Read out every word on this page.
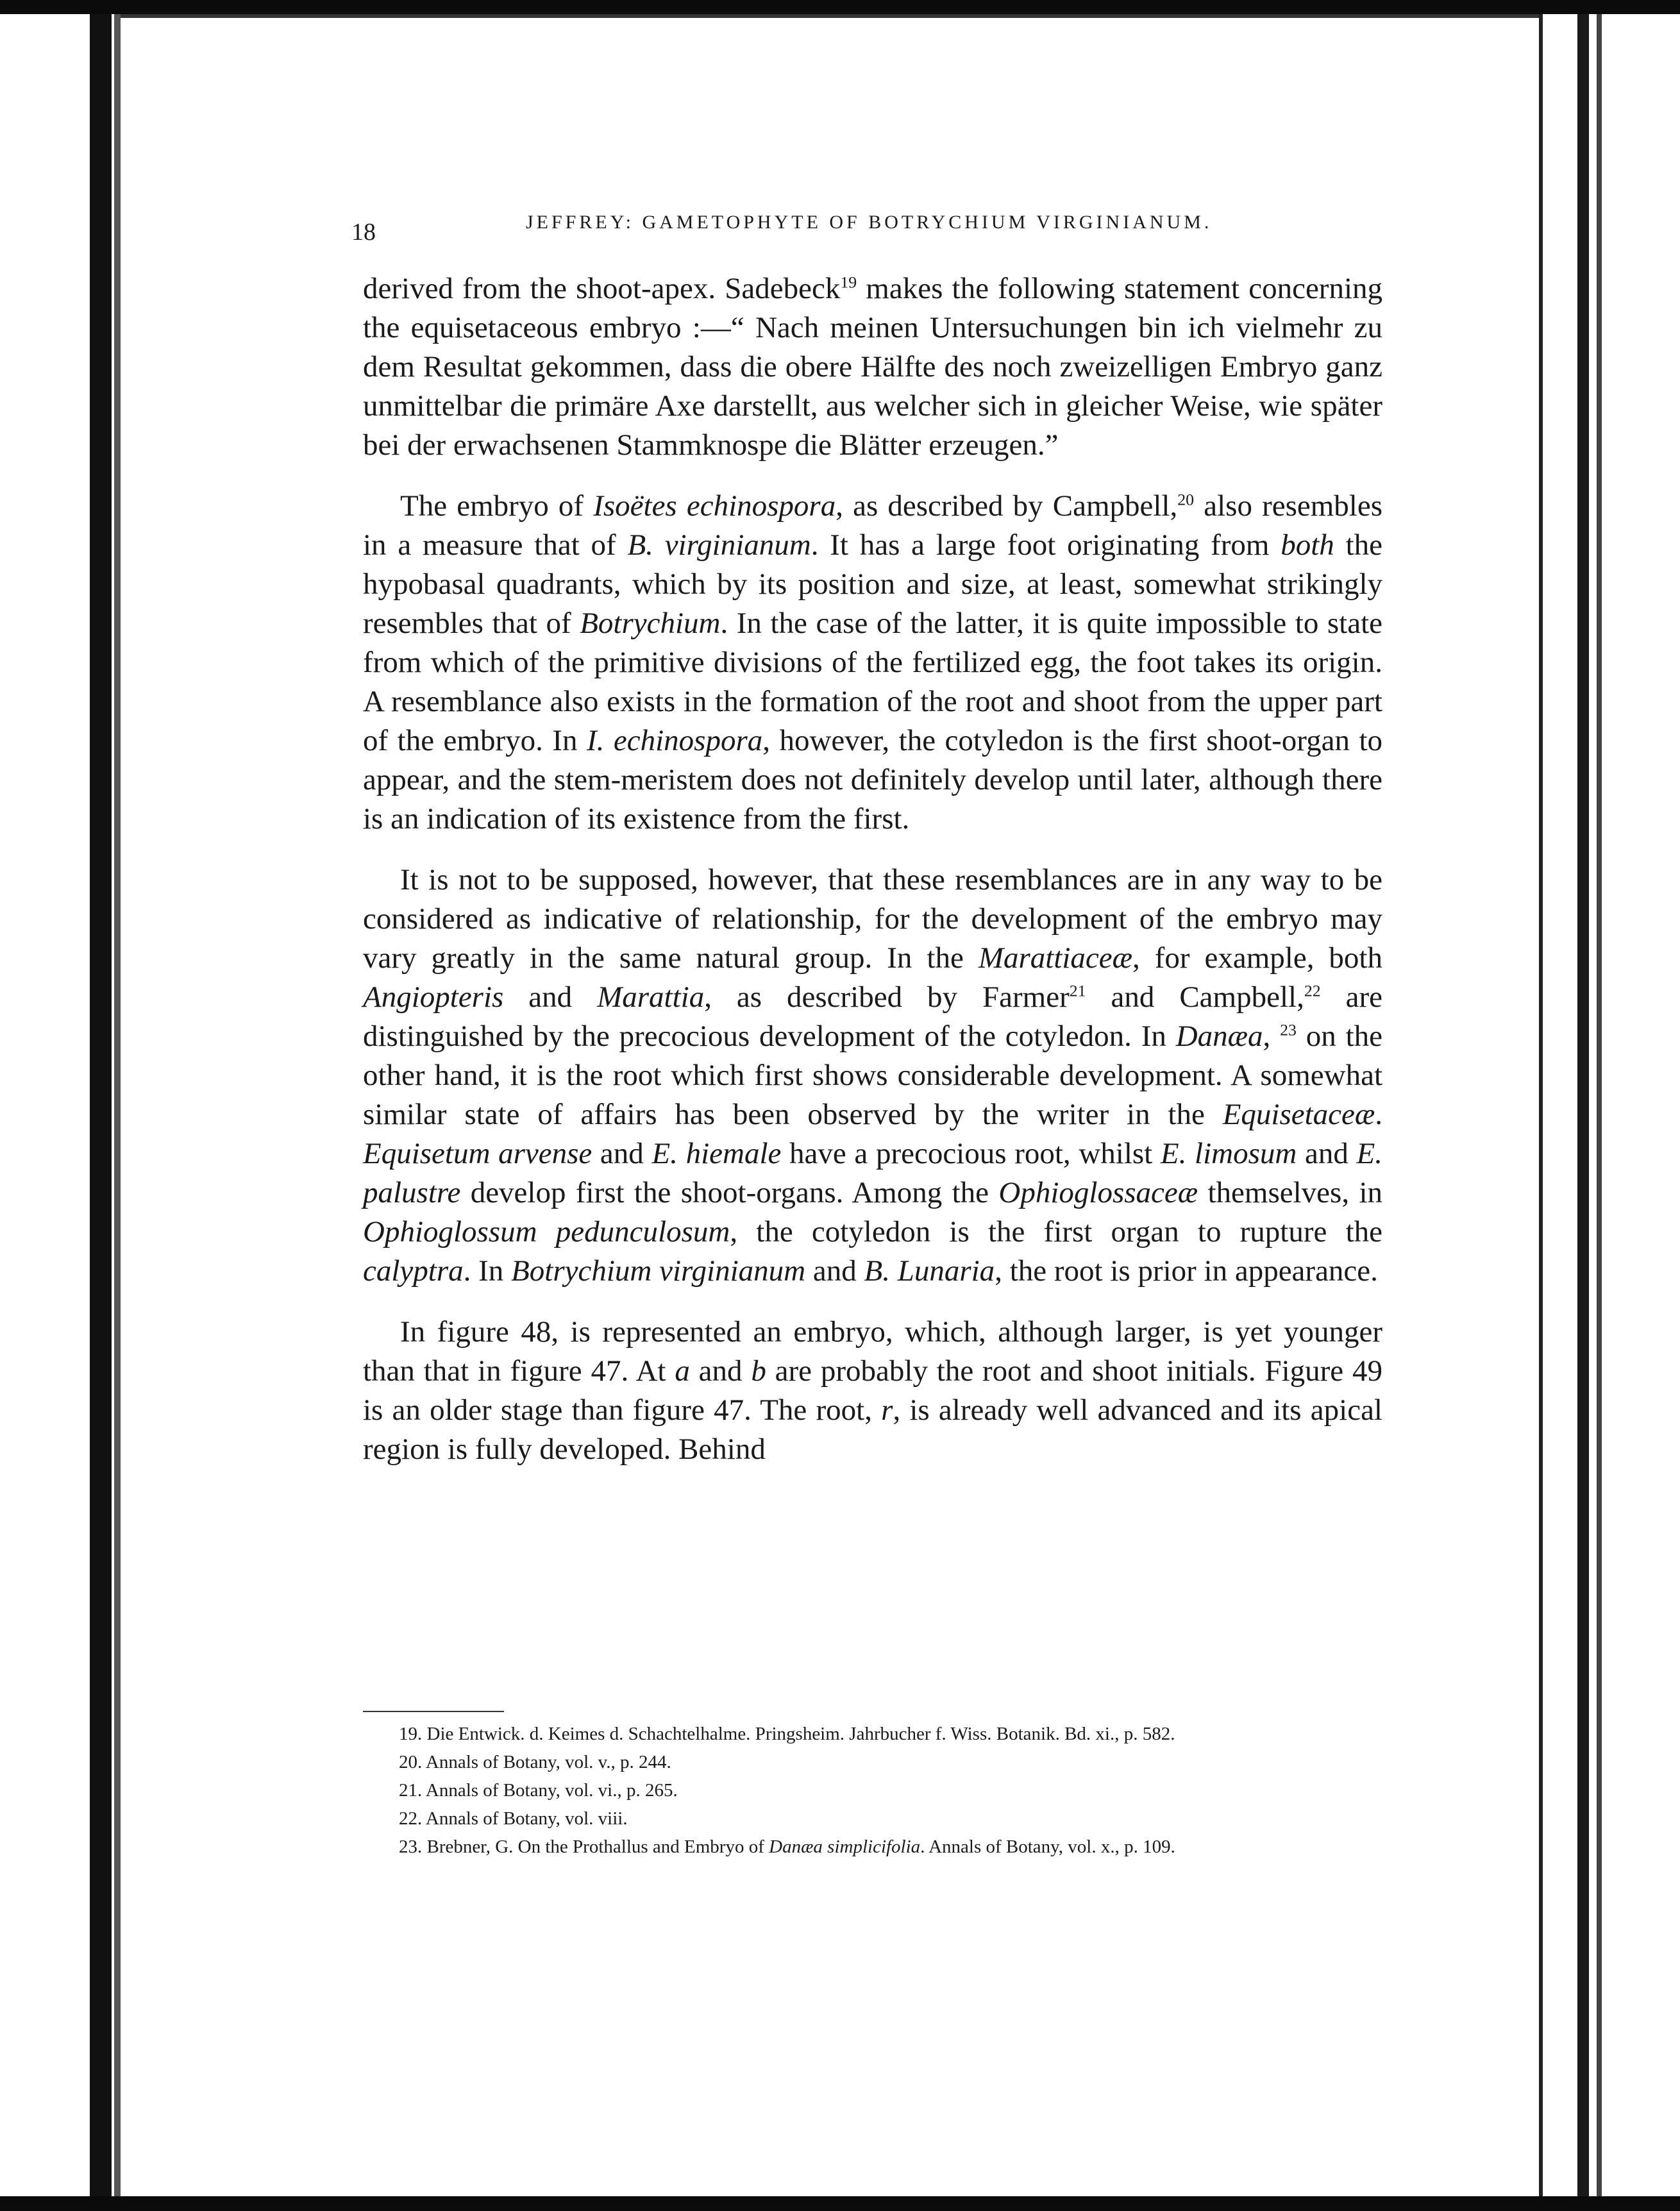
18	JEFFREY: GAMETOPHYTE OF BOTRYCHIUM VIRGINIANUM.

derived from the shoot-apex. Sadebeck$^{19}$ makes the following statement concerning the equisetaceous embryo :—“ Nach meinen Untersuchungen bin ich vielmehr zu dem Resultat gekommen, dass die obere Hälfte des noch zweizelligen Embryo ganz unmittelbar die primäre Axe darstellt, aus welcher sich in gleicher Weise, wie später bei der erwachsenen Stammknospe die Blätter erzeugen.”

The embryo of Isoëtes echinospora, as described by Campbell,$^{20}$ also resembles in a measure that of B. virginianum. It has a large foot originating from both the hypobasal quadrants, which by its position and size, at least, somewhat strikingly resembles that of Botrychium. In the case of the latter, it is quite impossible to state from which of the primitive divisions of the fertilized egg, the foot takes its origin. A resemblance also exists in the formation of the root and shoot from the upper part of the embryo. In I. echinospora, however, the cotyledon is the first shoot-organ to appear, and the stem-meristem does not definitely develop until later, although there is an indication of its existence from the first.

It is not to be supposed, however, that these resemblances are in any way to be considered as indicative of relationship, for the development of the embryo may vary greatly in the same natural group. In the Marattiaceæ, for example, both Angiopteris and Marattia, as described by Farmer$^{21}$ and Campbell,$^{22}$ are distinguished by the precocious development of the cotyledon. In Danæa, $^{23}$ on the other hand, it is the root which first shows considerable development. A somewhat similar state of affairs has been observed by the writer in the Equisetaceæ. Equisetum arvense and E. hiemale have a precocious root, whilst E. limosum and E. palustre develop first the shoot-organs. Among the Ophioglossaceæ themselves, in Ophioglossum pedunculosum, the cotyledon is the first organ to rupture the calyptra. In Botrychium virginianum and B. Lunaria, the root is prior in appearance.

In figure 48, is represented an embryo, which, although larger, is yet younger than that in figure 47. At a and b are probably the root and shoot initials. Figure 49 is an older stage than figure 47. The root, r, is already well advanced and its apical region is fully developed. Behind

19. Die Entwick. d. Keimes d. Schachtelhalme. Pringsheim. Jahrbucher f. Wiss. Botanik. Bd. xi., p. 582.
20. Annals of Botany, vol. v., p. 244.
21. Annals of Botany, vol. vi., p. 265.
22. Annals of Botany, vol. viii.
23. Brebner, G. On the Prothallus and Embryo of Danæa simplicifolia. Annals of Botany, vol. x., p. 109.
